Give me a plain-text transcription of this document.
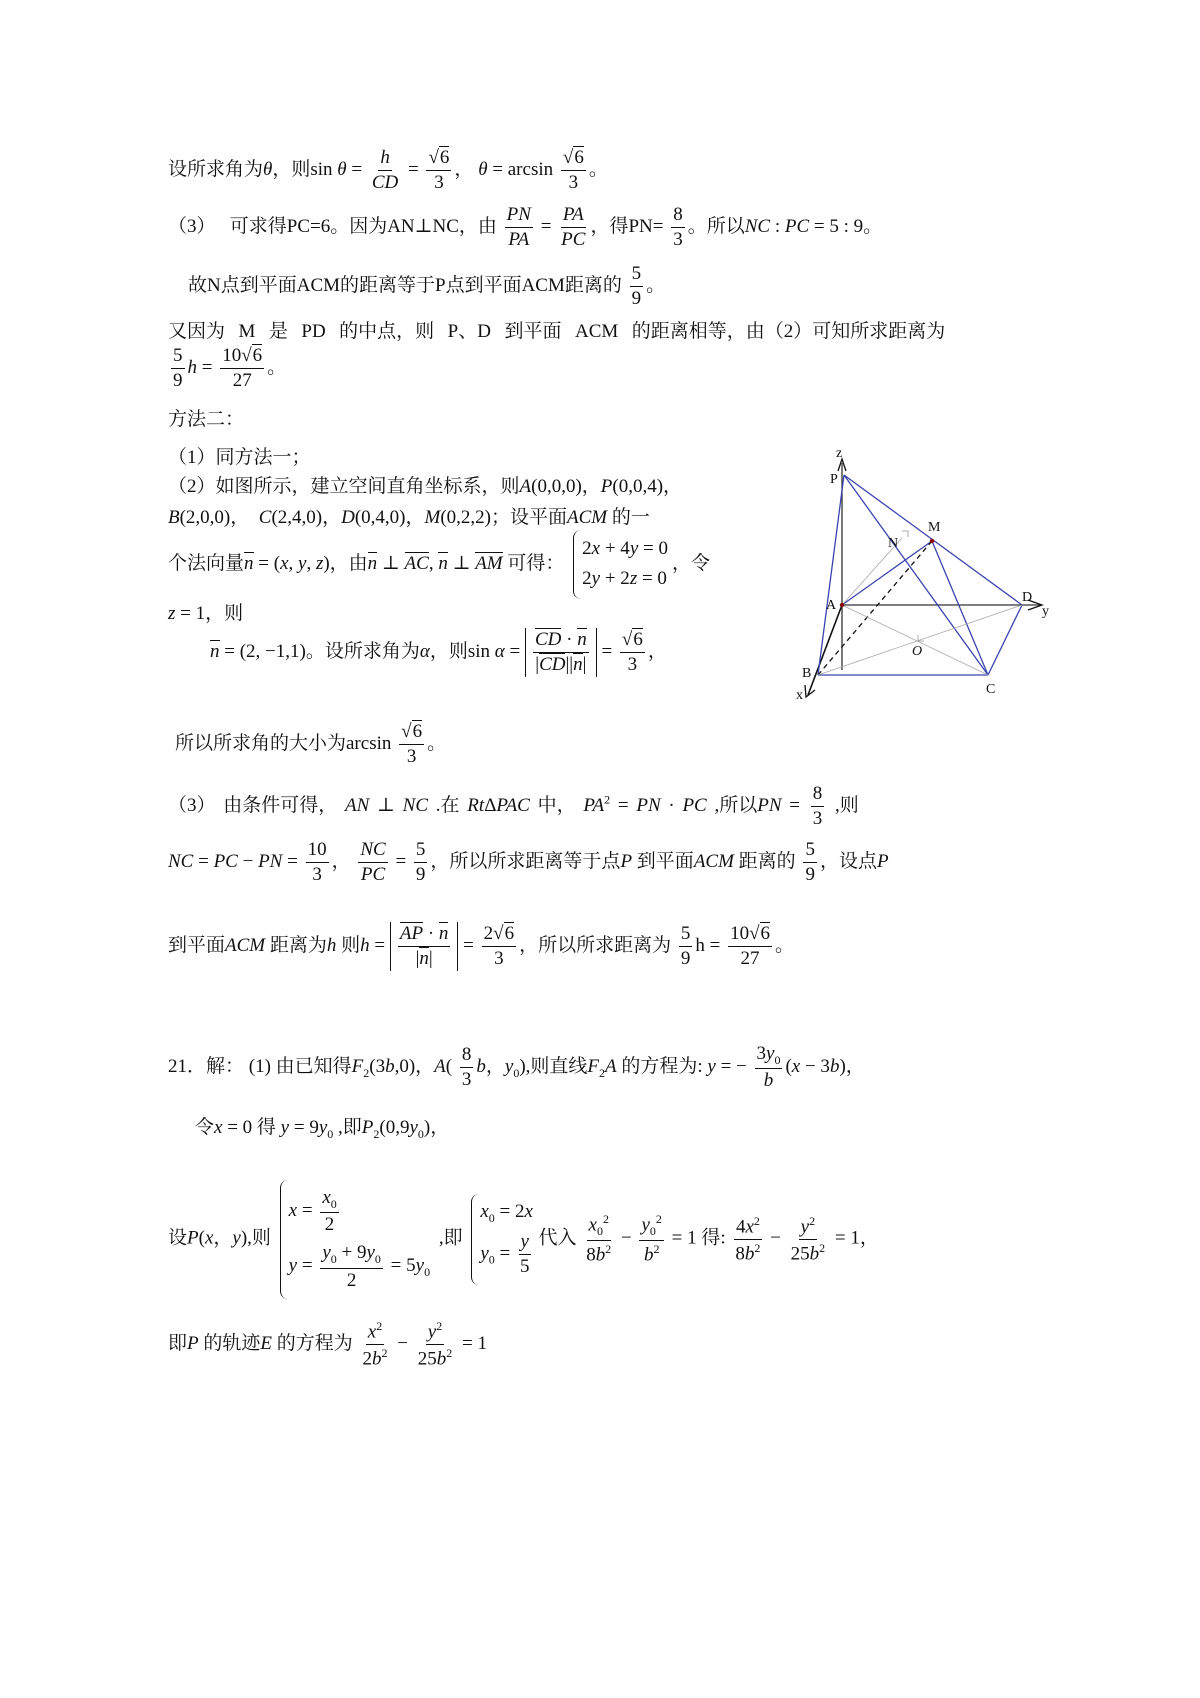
设所求角为θ，则$\sin \theta = \frac{h}{CD} = \frac{√6}{3}$ ， $\theta = \arcsin \frac{√6}{3}$ 。
（3）   可求得PC=6。因为AN⊥NC，由 $\frac{PN}{PA} = \frac{PA}{PC}$ ，得$PN= \frac{8}{3}$ 。所以NC : PC = 5 : 9。
故N点到平面ACM的距离等于P点到平面ACM距离的 $\frac{5}{9}$ 。
又因为  M  是  PD  的中点，则  P、D  到平面  ACM  的距离相等，由（2）可知所求距离为
$\frac{5}{9}$ $h = \frac{10√6}{27}$ 。
方法二：
（1）同方法一；
（2）如图所示，建立空间直角坐标系，则A(0,0,0)，P(0,0,4)，
B(2,0,0)，  C(2,4,0)，D(0,4,0)，M(0,2,2)；设平面ACM 的一
个法向量n = (x, y, z)，由n ⊥ AC, n ⊥ AM 可得：
2x + 4y = 0
2y + 2z = 0
，令
z = 1，则
n = (2, −1,1)。设所求角为α，则$\sin \alpha = \frac{CD \cdot n}{|CD||n|} = \frac{√6}{3}$ ，
所以所求角的大小为$\arcsin \frac{√6}{3}$ 。
（3） 由条件可得， AN ⊥ NC .在 RtΔPAC 中， $PA^2$ = PN · PC ,所以PN = $\frac{8}{3}$ ,则
NC = PC − PN = $\frac{10}{3}$ ， $\frac{NC}{PC} = \frac{5}{9}$ ，所以所求距离等于点P 到平面ACM 距离的 $\frac{5}{9}$ ，设点P
到平面ACM 距离为h 则$h = \frac{AP \cdot n}{|n|} = \frac{2√6}{3}$ ，所以所求距离为 $\frac{5}{9}$ $h = \frac{10√6}{27}$ 。
21．解： (1) 由已知得$F_2(3b,0)$，$A( \frac{8}{3}$ b，$y_0$),则直线$F_2A$ 的方程为: y = − $\frac{3y_0}{b} (x - 3b)$，
令x = 0 得 $y = 9y_0$ ,即$P_2(0,9y_0)$，
设P(x，y),则
$x = \frac{x_0}{2}$
$y = \frac{y_0 + 9y_0}{2} = 5y_0$
,即
$x_0 = 2x$
$y_0 = \frac{y}{5}$ 代入 $\frac{x_0^2}{8b^2} - \frac{y_0^2}{b^2} = 1$ 得: $\frac{4x^2}{8b^2} - \frac{y^2}{25b^2} = 1$，
即P 的轨迹E 的方程为 $\frac{x^2}{2b^2} - \frac{y^2}{25b^2} = 1$
z
P
M
N
A
D
y
O
B
x	C
